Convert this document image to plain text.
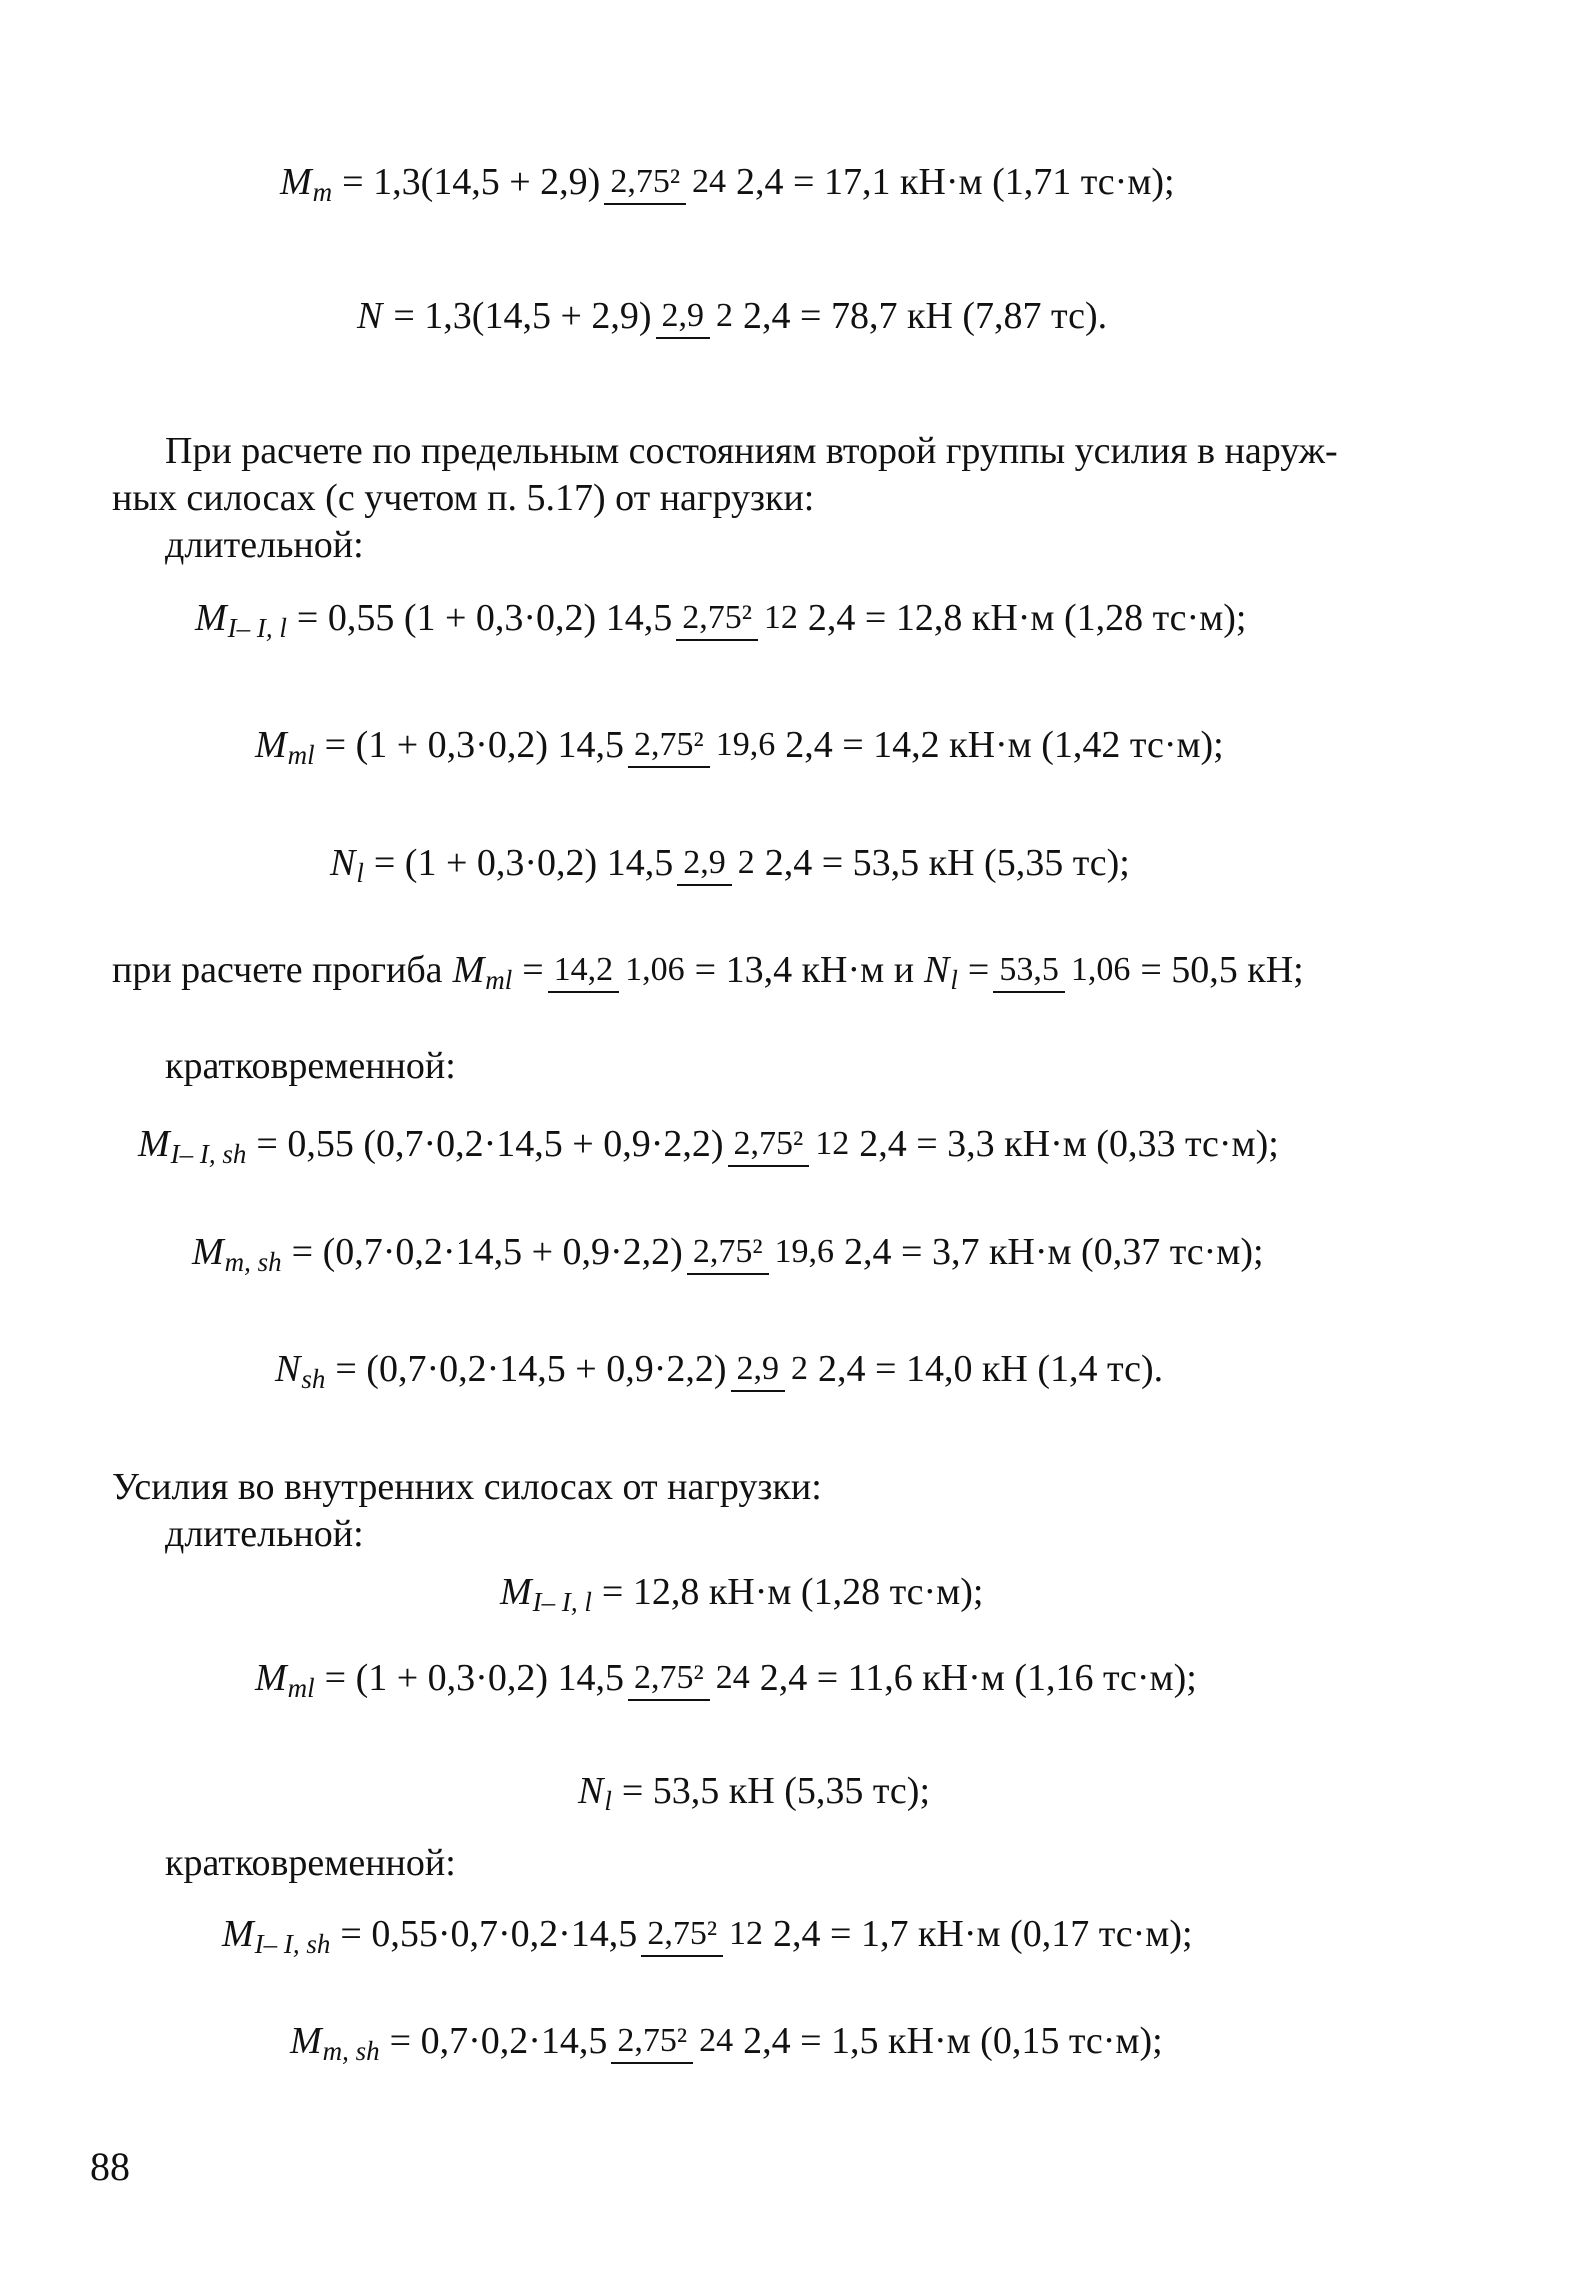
M m = 1,3(14,5 + 2,9) 2,75² 24 2,4 = 17,1 кН·м (1,71 тс·м);
N = 1,3(14,5 + 2,9) 2,9 2 2,4 = 78,7 кН (7,87 тс).
При расчете по предельным состояниям второй группы усилия в наруж-
ных силосах (с учетом п. 5.17) от нагрузки:
длительной:
M I– I, l = 0,55 (1 + 0,3·0,2) 14,5 2,75² 12 2,4 = 12,8 кН·м (1,28 тс·м);
M ml = (1 + 0,3·0,2) 14,5 2,75² 19,6 2,4 = 14,2 кН·м (1,42 тс·м);
N l = (1 + 0,3·0,2) 14,5 2,9 2 2,4 = 53,5 кН (5,35 тс);
при расчете прогиба M ml = 14,2 1,06 = 13,4 кН·м и N l = 53,5 1,06 = 50,5 кН;
кратковременной:
M I– I, sh = 0,55 (0,7·0,2·14,5 + 0,9·2,2) 2,75² 12 2,4 = 3,3 кН·м (0,33 тс·м);
M m, sh = (0,7·0,2·14,5 + 0,9·2,2) 2,75² 19,6 2,4 = 3,7 кН·м (0,37 тс·м);
N sh = (0,7·0,2·14,5 + 0,9·2,2) 2,9 2 2,4 = 14,0 кН (1,4 тс).
Усилия во внутренних силосах от нагрузки:
длительной:
M I– I, l = 12,8 кН·м (1,28 тс·м);
M ml = (1 + 0,3·0,2) 14,5 2,75² 24 2,4 = 11,6 кН·м (1,16 тс·м);
N l = 53,5 кН (5,35 тс);
кратковременной:
M I– I, sh = 0,55·0,7·0,2·14,5 2,75² 12 2,4 = 1,7 кН·м (0,17 тс·м);
M m, sh = 0,7·0,2·14,5 2,75² 24 2,4 = 1,5 кН·м (0,15 тс·м);
88
